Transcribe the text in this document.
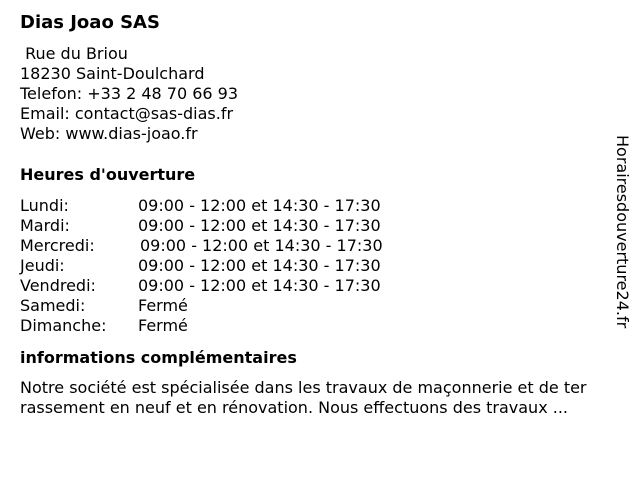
Dias Joao SAS
Rue du Briou
18230 Saint-Doulchard
Telefon: +33 2 48 70 66 93
Email: contact@sas-dias.fr
Web: www.dias-joao.fr
Heures d'ouverture
Lundi:	09:00 - 12:00 et 14:30 - 17:30
Mardi:	09:00 - 12:00 et 14:30 - 17:30
Mercredi:	09:00 - 12:00 et 14:30 - 17:30
Jeudi:	09:00 - 12:00 et 14:30 - 17:30
Vendredi:	09:00 - 12:00 et 14:30 - 17:30
Samedi:	Fermé
Dimanche: Fermé
informations complémentaires
Notre société est spécialisée dans les travaux de maçonnerie et de ter
rassement en neuf et en rénovation. Nous effectuons des travaux ...
Horairesdouverture24.fr
